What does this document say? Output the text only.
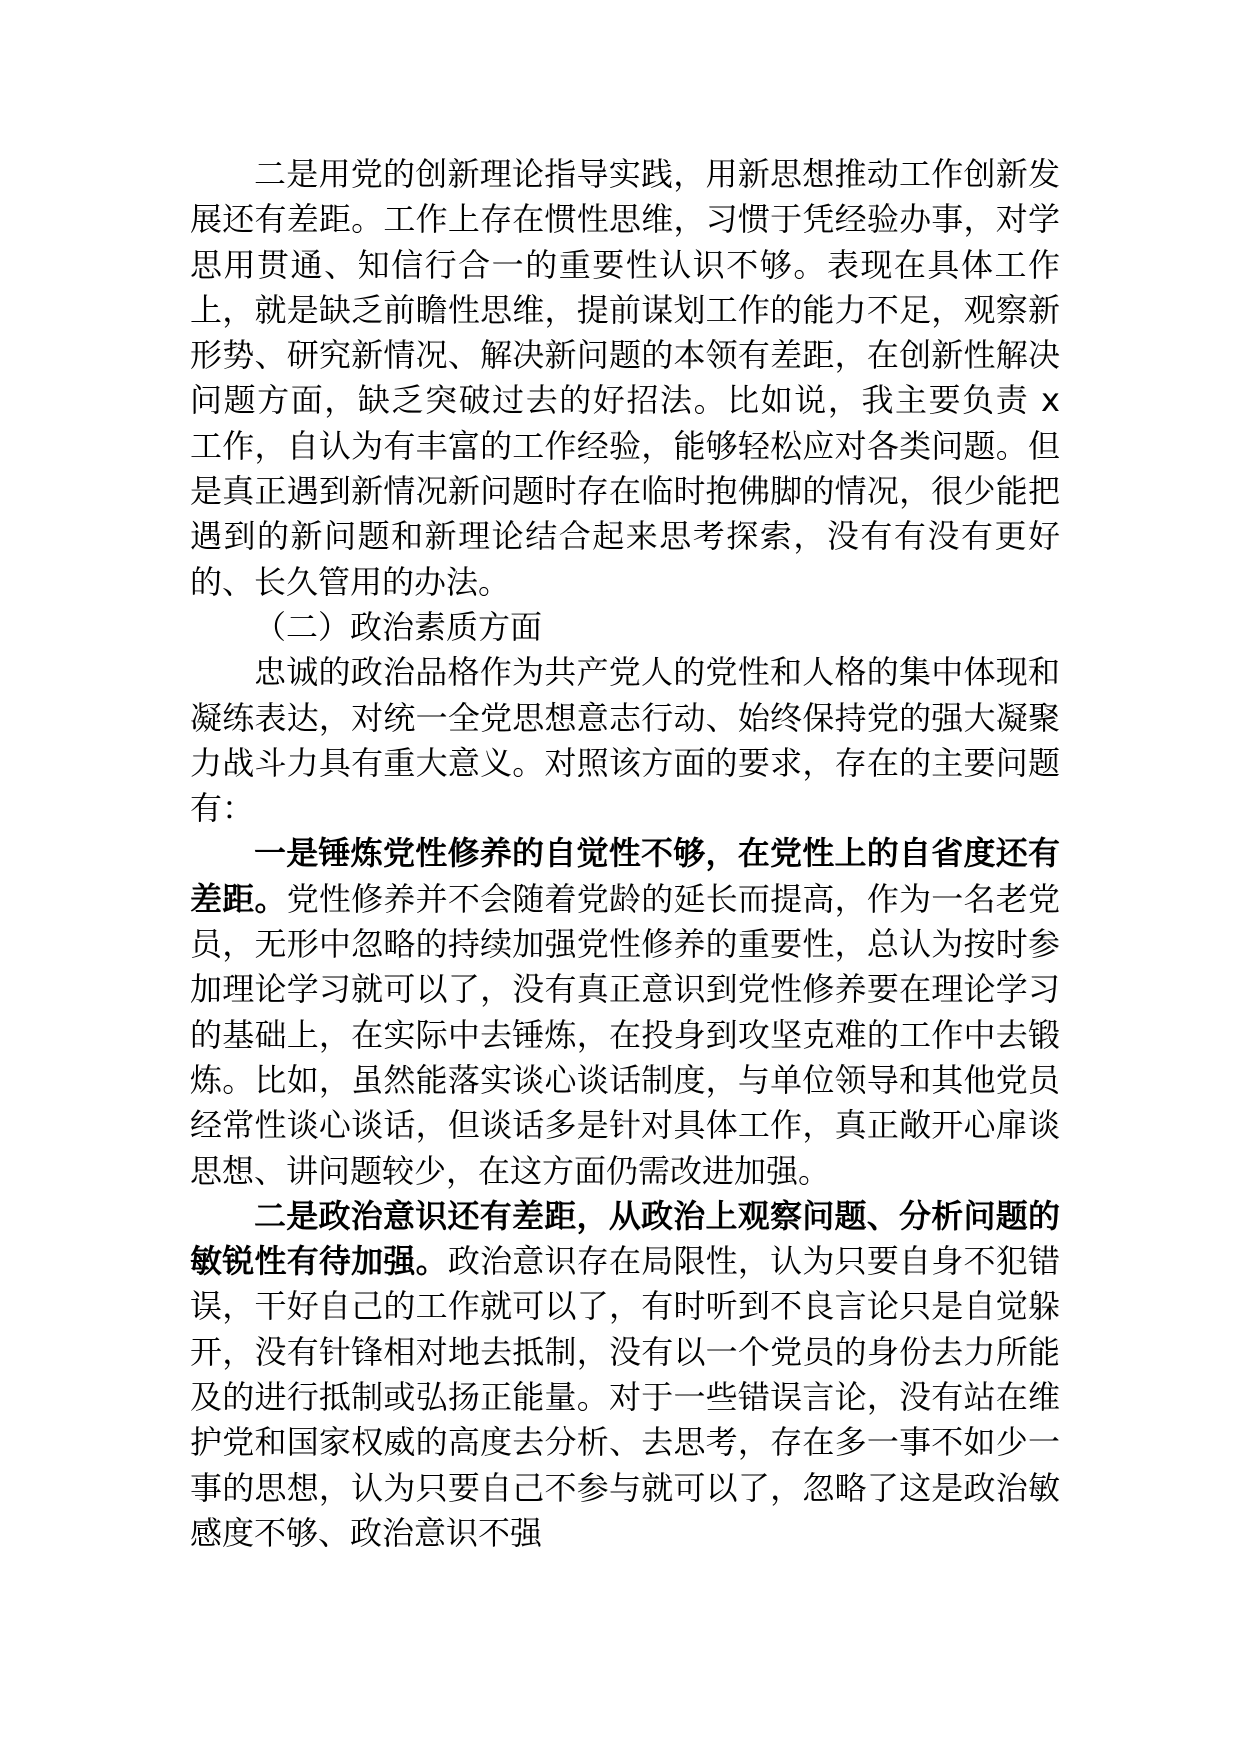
二是用党的创新理论指导实践，用新思想推动工作创新发展还有差距。工作上存在惯性思维，习惯于凭经验办事，对学思用贯通、知信行合一的重要性认识不够。表现在具体工作上，就是缺乏前瞻性思维，提前谋划工作的能力不足，观察新形势、研究新情况、解决新问题的本领有差距，在创新性解决问题方面，缺乏突破过去的好招法。比如说，我主要负责 x 工作，自认为有丰富的工作经验，能够轻松应对各类问题。但是真正遇到新情况新问题时存在临时抱佛脚的情况，很少能把遇到的新问题和新理论结合起来思考探索，没有有没有更好的、长久管用的办法。

（二）政治素质方面

忠诚的政治品格作为共产党人的党性和人格的集中体现和凝练表达，对统一全党思想意志行动、始终保持党的强大凝聚力战斗力具有重大意义。对照该方面的要求，存在的主要问题有：

一是锤炼党性修养的自觉性不够，在党性上的自省度还有差距。党性修养并不会随着党龄的延长而提高，作为一名老党员，无形中忽略的持续加强党性修养的重要性，总认为按时参加理论学习就可以了，没有真正意识到党性修养要在理论学习的基础上，在实际中去锤炼，在投身到攻坚克难的工作中去锻炼。比如，虽然能落实谈心谈话制度，与单位领导和其他党员经常性谈心谈话，但谈话多是针对具体工作，真正敞开心扉谈思想、讲问题较少，在这方面仍需改进加强。

二是政治意识还有差距，从政治上观察问题、分析问题的敏锐性有待加强。政治意识存在局限性，认为只要自身不犯错误，干好自己的工作就可以了，有时听到不良言论只是自觉躲开，没有针锋相对地去抵制，没有以一个党员的身份去力所能及的进行抵制或弘扬正能量。对于一些错误言论，没有站在维护党和国家权威的高度去分析、去思考，存在多一事不如少一事的思想，认为只要自己不参与就可以了，忽略了这是政治敏感度不够、政治意识不强
